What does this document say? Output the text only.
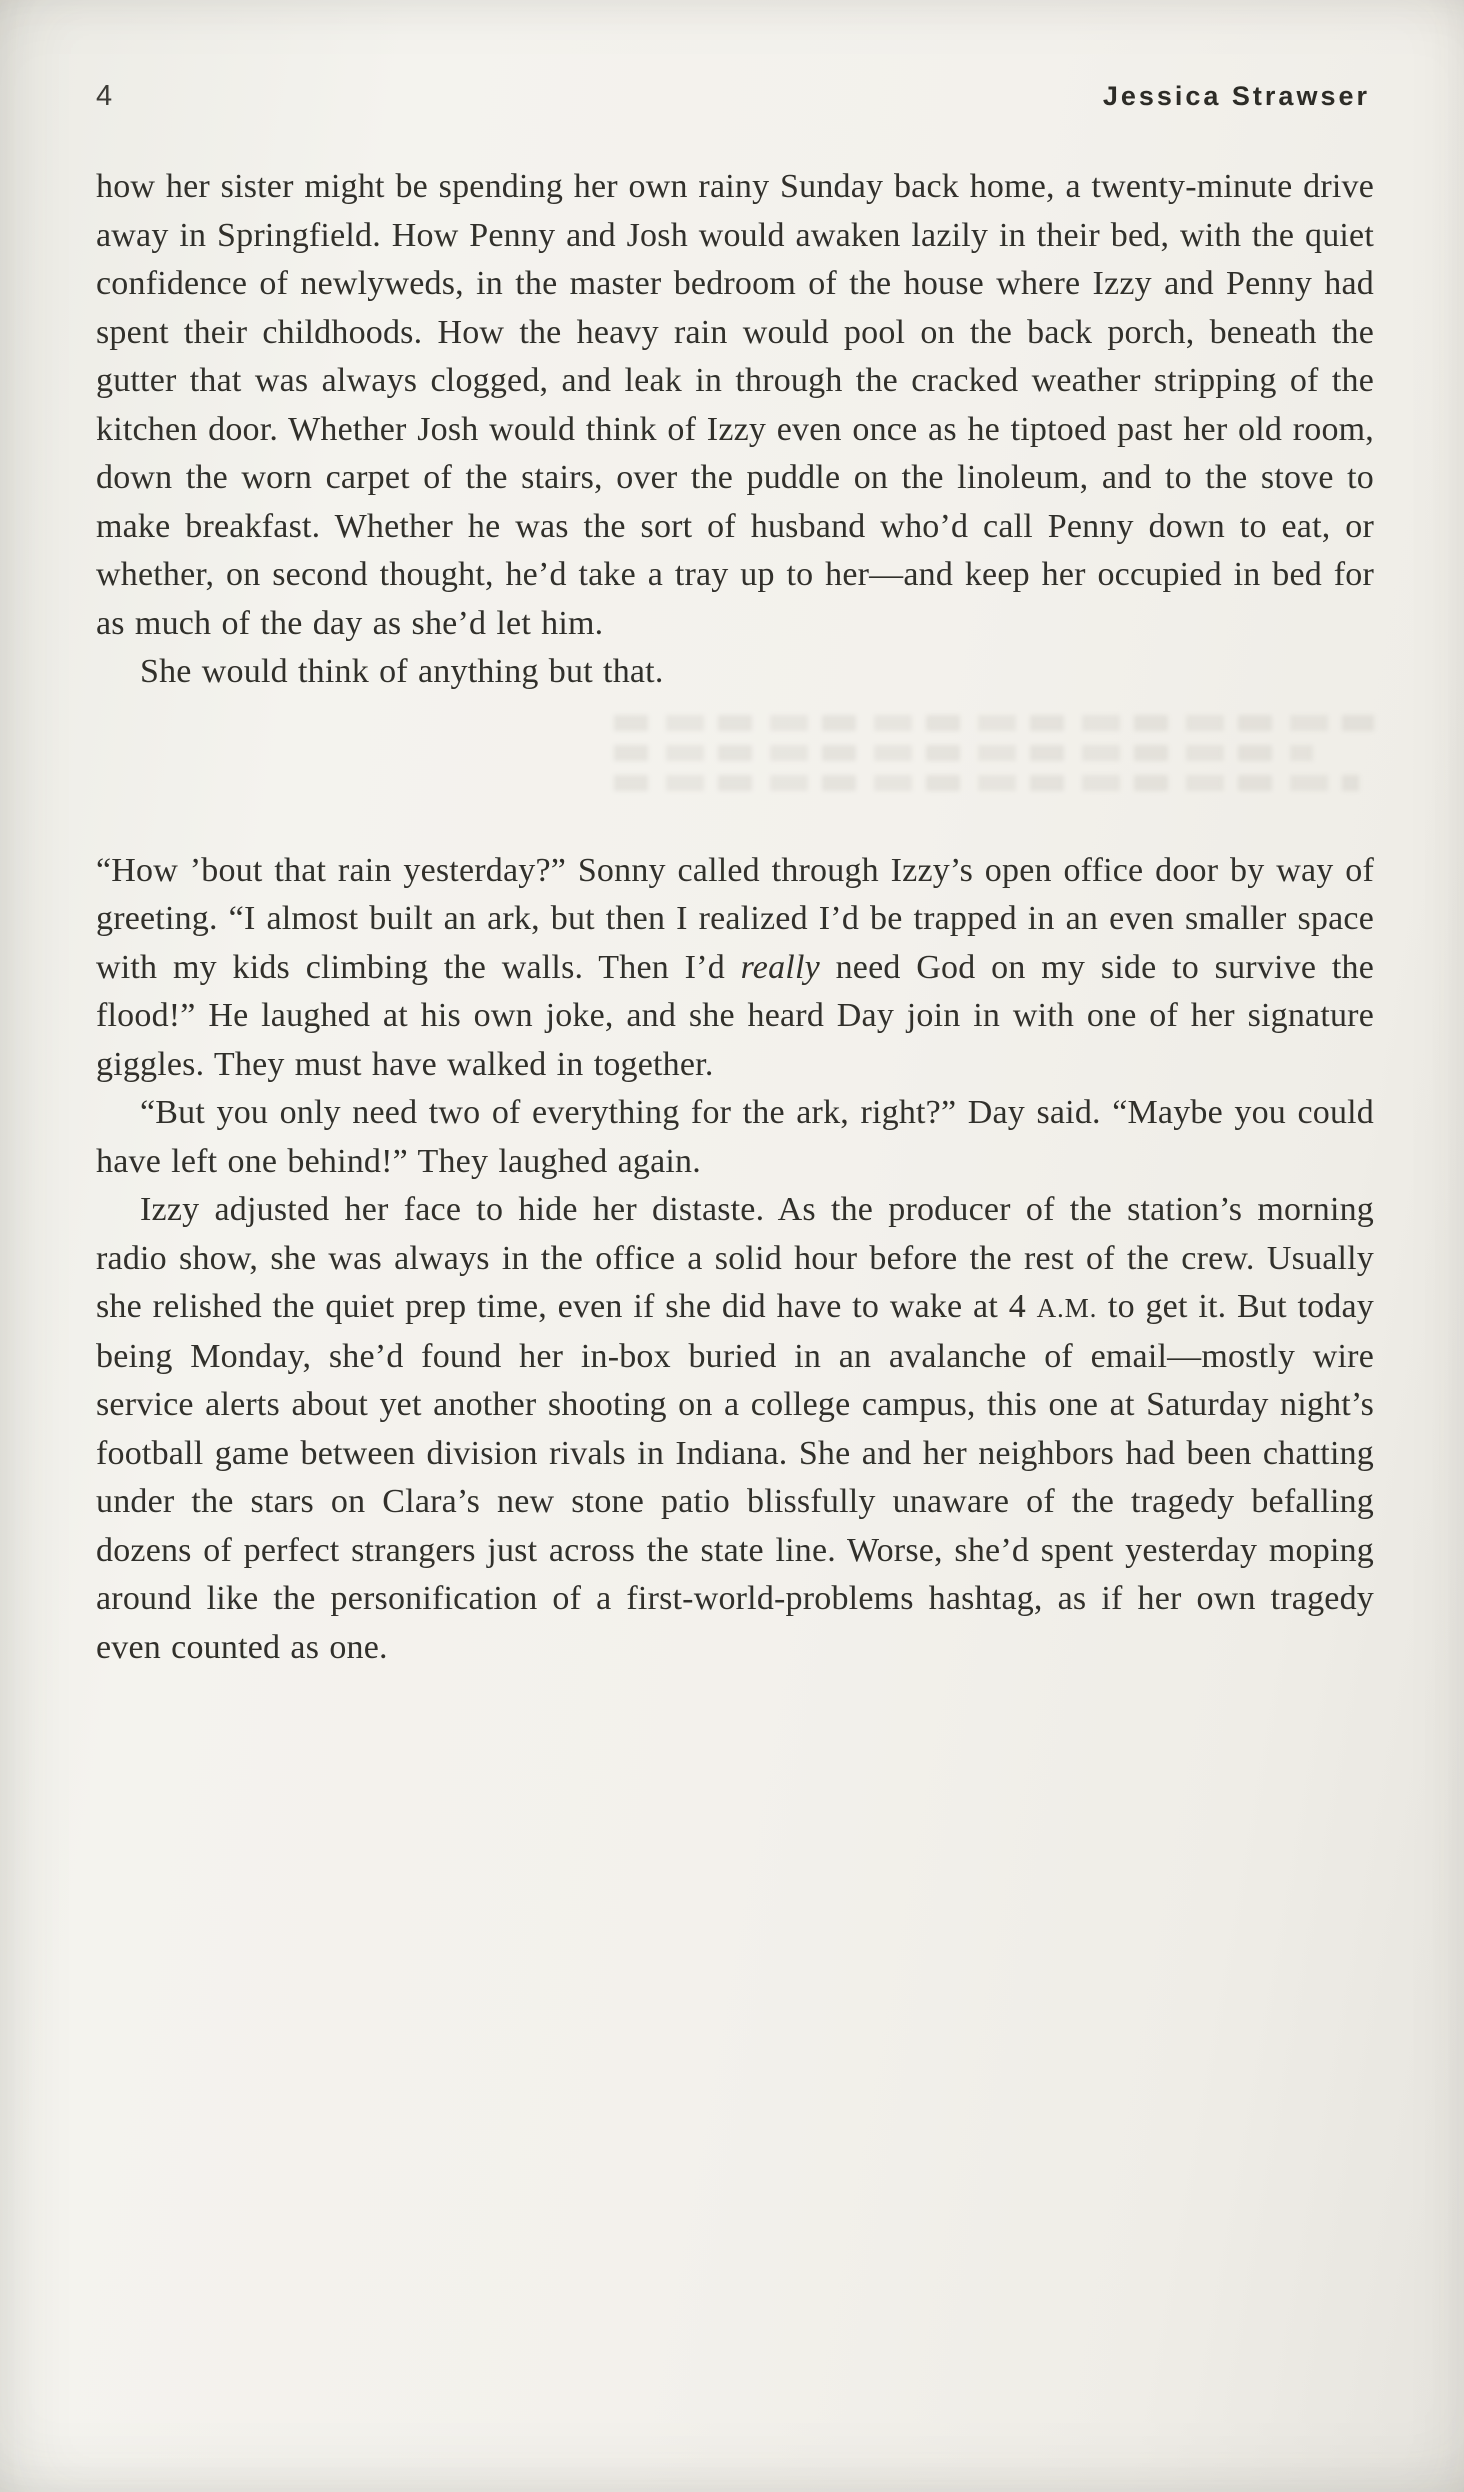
4	Jessica Strawser

how her sister might be spending her own rainy Sunday back home, a twenty-minute drive away in Springfield. How Penny and Josh would awaken lazily in their bed, with the quiet confidence of newlyweds, in the master bedroom of the house where Izzy and Penny had spent their childhoods. How the heavy rain would pool on the back porch, beneath the gutter that was always clogged, and leak in through the cracked weather stripping of the kitchen door. Whether Josh would think of Izzy even once as he tiptoed past her old room, down the worn carpet of the stairs, over the puddle on the linoleum, and to the stove to make breakfast. Whether he was the sort of husband who’d call Penny down to eat, or whether, on second thought, he’d take a tray up to her—and keep her occupied in bed for as much of the day as she’d let him.

She would think of anything but that.

“How ’bout that rain yesterday?” Sonny called through Izzy’s open office door by way of greeting. “I almost built an ark, but then I realized I’d be trapped in an even smaller space with my kids climbing the walls. Then I’d really need God on my side to survive the flood!” He laughed at his own joke, and she heard Day join in with one of her signature giggles. They must have walked in together.

“But you only need two of everything for the ark, right?” Day said. “Maybe you could have left one behind!” They laughed again.

Izzy adjusted her face to hide her distaste. As the producer of the station’s morning radio show, she was always in the office a solid hour before the rest of the crew. Usually she relished the quiet prep time, even if she did have to wake at 4 A.M. to get it. But today being Monday, she’d found her in-box buried in an avalanche of email—mostly wire service alerts about yet another shooting on a college campus, this one at Saturday night’s football game between division rivals in Indiana. She and her neighbors had been chatting under the stars on Clara’s new stone patio blissfully unaware of the tragedy befalling dozens of perfect strangers just across the state line. Worse, she’d spent yesterday moping around like the personification of a first-world-problems hashtag, as if her own tragedy even counted as one.
